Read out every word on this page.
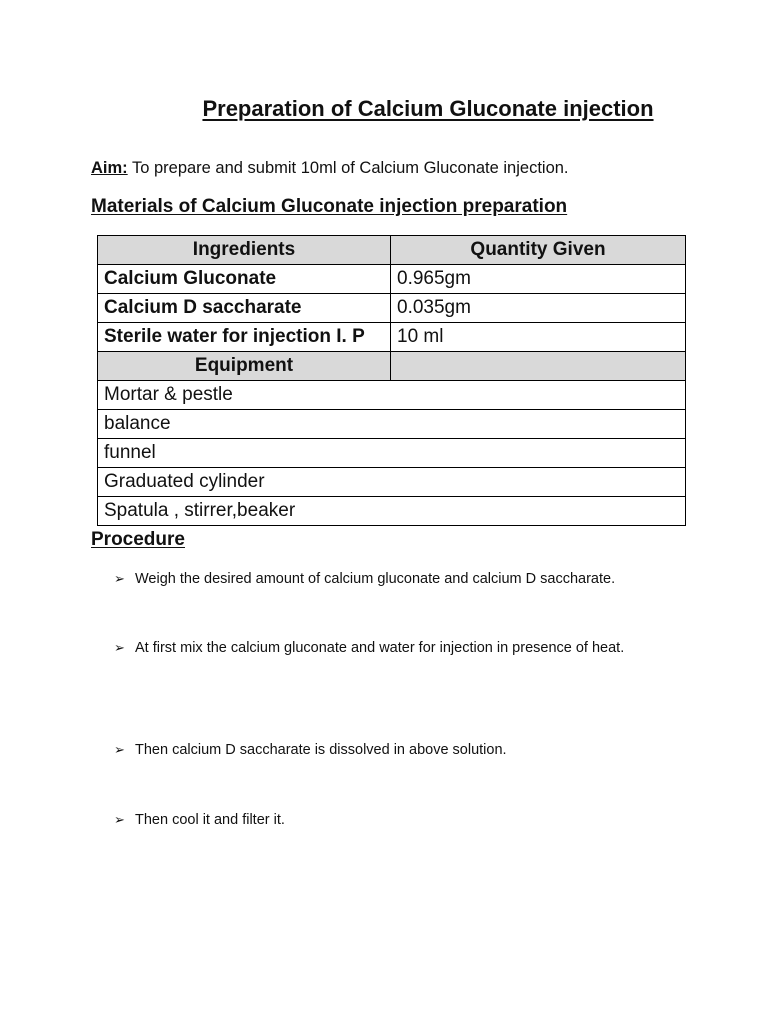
Preparation of Calcium Gluconate injection
Aim: To prepare and submit 10ml of Calcium Gluconate injection.
Materials of Calcium Gluconate injection preparation
Ingredients	Quantity Given
Calcium Gluconate	0.965gm
Calcium D saccharate	0.035gm
Sterile water for injection I. P	10 ml
Equipment	
Mortar & pestle	
balance	
funnel	
Graduated cylinder	
Spatula , stirrer,beaker	
Procedure
➢ Weigh the desired amount of calcium gluconate and calcium D saccharate.
➢ At first mix the calcium gluconate and water for injection in presence of heat.
➢ Then calcium D saccharate is dissolved in above solution.
➢ Then cool it and filter it.
